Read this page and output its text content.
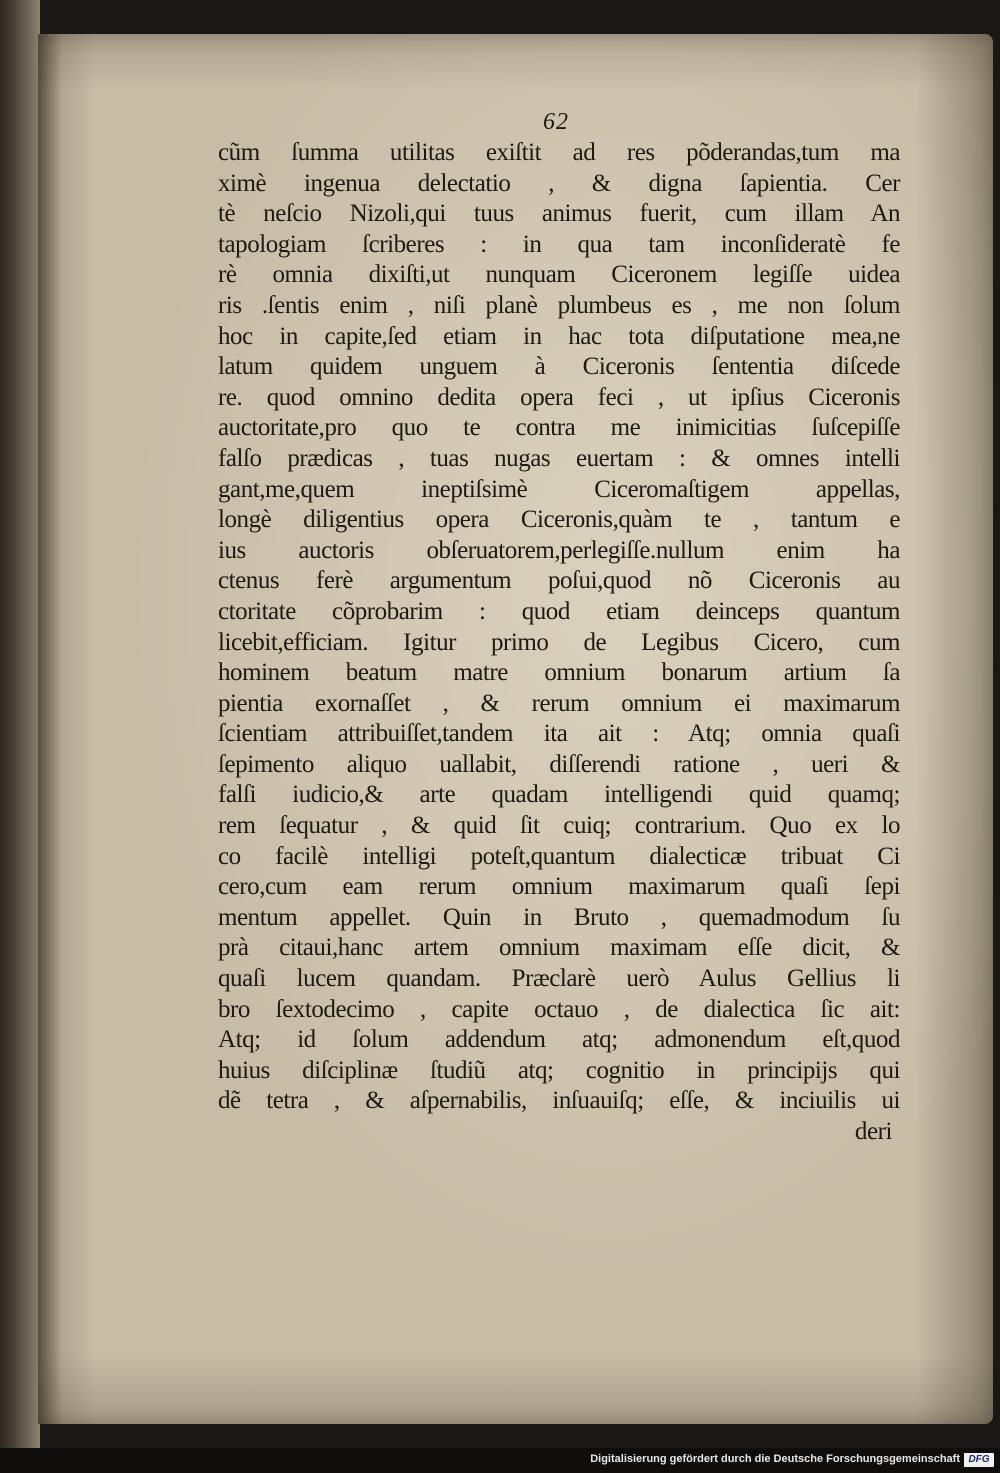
62
cũm ſumma utilitas exiſtit ad res põderandas,tum ma
ximè ingenua delectatio , & digna ſapientia. Cer
tè neſcio Nizoli,qui tuus animus fuerit, cum illam An
tapologiam ſcriberes : in qua tam inconſideratè fe
rè omnia dixiſti,ut nunquam Ciceronem legiſſe uidea
ris .ſentis enim , niſi planè plumbeus es , me non ſolum
hoc in capite,ſed etiam in hac tota diſputatione mea,ne
latum quidem unguem à Ciceronis ſententia diſcede
re. quod omnino dedita opera feci , ut ipſius Ciceronis
auctoritate,pro quo te contra me inimicitias ſuſcepiſſe
falſo prædicas , tuas nugas euertam : & omnes intelli
gant,me,quem ineptiſsimè Ciceromaſtigem appellas,
longè diligentius opera Ciceronis,quàm te , tantum e
ius auctoris obſeruatorem,perlegiſſe.nullum enim ha
ctenus ferè argumentum poſui,quod nõ Ciceronis au
ctoritate cõprobarim : quod etiam deinceps quantum
licebit,efficiam. Igitur primo de Legibus Cicero, cum
hominem beatum matre omnium bonarum artium ſa
pientia exornaſſet , & rerum omnium ei maximarum
ſcientiam attribuiſſet,tandem ita ait : Atq; omnia quaſi
ſepimento aliquo uallabit, diſſerendi ratione , ueri &
falſi iudicio,& arte quadam intelligendi quid quamq;
rem ſequatur , & quid ſit cuiq; contrarium. Quo ex lo
co facilè intelligi poteſt,quantum dialecticæ tribuat Ci
cero,cum eam rerum omnium maximarum quaſi ſepi
mentum appellet. Quin in Bruto , quemadmodum ſu
prà citaui,hanc artem omnium maximam eſſe dicit, &
quaſi lucem quandam. Præclarè uerò Aulus Gellius li
bro ſextodecimo , capite octauo , de dialectica ſic ait:
Atq; id ſolum addendum atq; admonendum eſt,quod
huius diſciplinæ ſtudiũ atq; cognitio in principijs qui
dẽ tetra , & aſpernabilis, inſuauiſq; eſſe, & inciuilis ui
deri
Digitalisierung gefördert durch die Deutsche Forschungsgemeinschaft DFG
